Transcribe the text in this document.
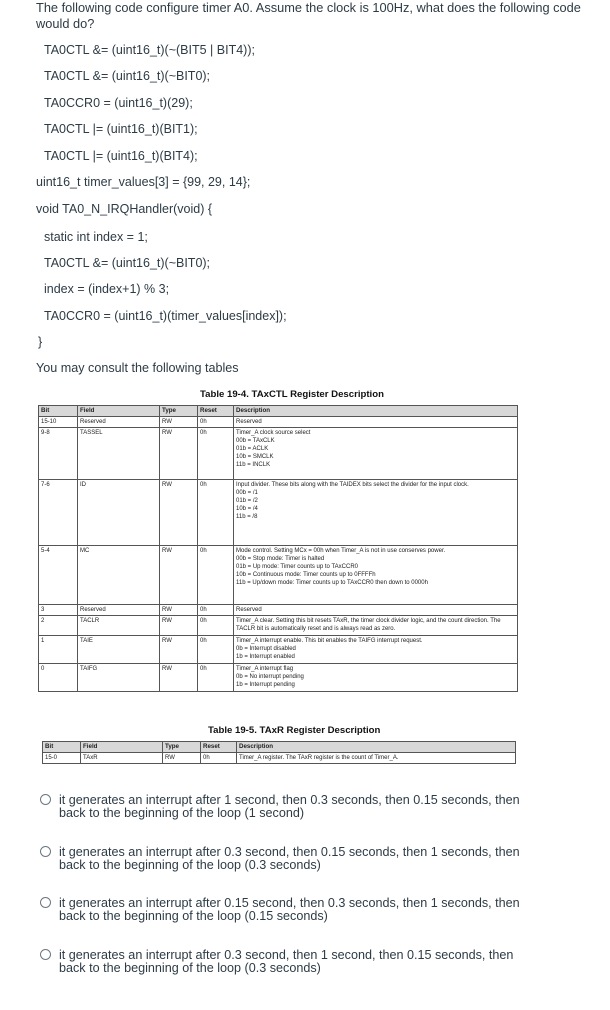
The following code configure timer A0. Assume the clock is 100Hz, what does the following code would do?

TA0CTL &= (uint16_t)(~(BIT5 | BIT4));

TA0CTL &= (uint16_t)(~BIT0);

TA0CCR0 = (uint16_t)(29);

TA0CTL |= (uint16_t)(BIT1);

TA0CTL |= (uint16_t)(BIT4);

uint16_t timer_values[3] = {99, 29, 14};

void TA0_N_IRQHandler(void) {

static int index = 1;

TA0CTL &= (uint16_t)(~BIT0);

index = (index+1) % 3;

TA0CCR0 = (uint16_t)(timer_values[index]);

}

You may consult the following tables

Table 19-4. TAxCTL Register Description
Bit	Field	Type	Reset	Description
15-10	Reserved	RW	0h	Reserved

9-8	TASSEL	RW	0h	Timer_A clock source select
00b = TAxCLK
01b = ACLK
10b = SMCLK
11b = INCLK

7-6	ID	RW	0h	Input divider. These bits along with the TAIDEX bits select the divider for the input clock.
00b = /1
01b = /2
10b = /4
11b = /8

5-4	MC	RW	0h	Mode control. Setting MCx = 00h when Timer_A is not in use conserves power.
00b = Stop mode: Timer is halted
01b = Up mode: Timer counts up to TAxCCR0
10b = Continuous mode: Timer counts up to 0FFFFh
11b = Up/down mode: Timer counts up to TAxCCR0 then down to 0000h

3	Reserved	RW	0h	Reserved

2	TACLR	RW	0h	Timer_A clear. Setting this bit resets TAxR, the timer clock divider logic, and the count direction. The TACLR bit is automatically reset and is always read as zero.

1	TAIE	RW	0h	Timer_A interrupt enable. This bit enables the TAIFG interrupt request.
0b = Interrupt disabled
1b = Interrupt enabled

0	TAIFG	RW	0h	Timer_A interrupt flag
0b = No interrupt pending
1b = Interrupt pending
Table 19-5. TAxR Register Description
Bit	Field	Type	Reset	Description
15-0	TAxR	RW	0h	Timer_A register. The TAxR register is the count of Timer_A.
it generates an interrupt after 1 second, then 0.3 seconds, then 0.15 seconds, then back to the beginning of the loop (1 second)
it generates an interrupt after 0.3 second, then 0.15 seconds, then 1 seconds, then back to the beginning of the loop (0.3 seconds)
it generates an interrupt after 0.15 second, then 0.3 seconds, then 1 seconds, then back to the beginning of the loop (0.15 seconds)
it generates an interrupt after 0.3 second, then 1 second, then 0.15 seconds, then back to the beginning of the loop (0.3 seconds)
